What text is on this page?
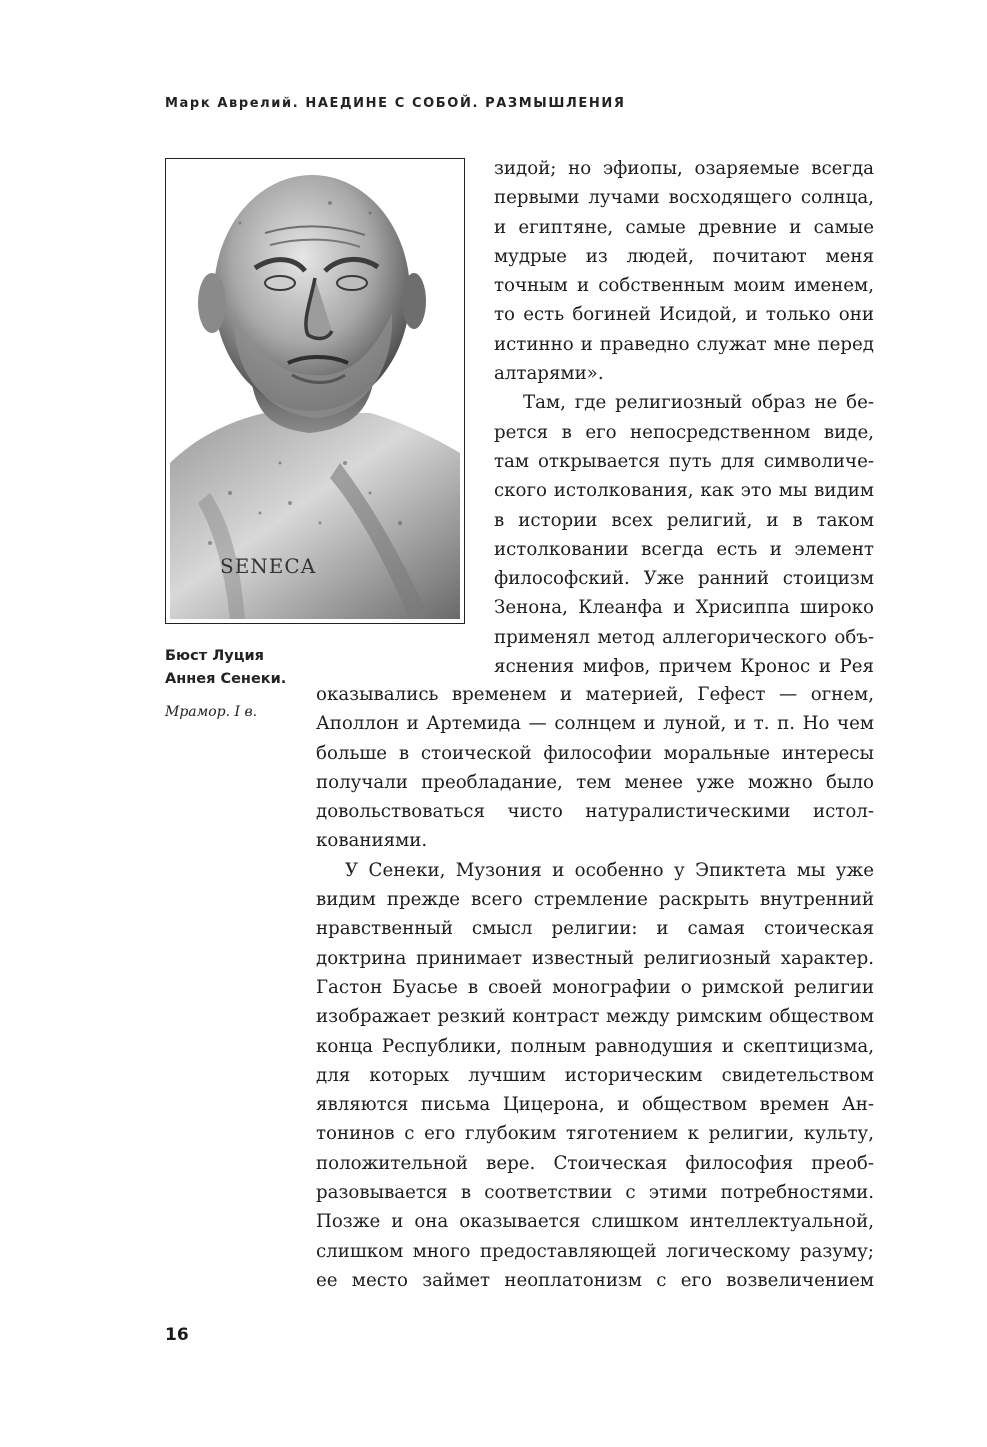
Марк Аврелий. НАЕДИНЕ С СОБОЙ. РАЗМЫШЛЕНИЯ
SENECA
Бюст Луция
Аннея Сенеки.
Мрамор. I в.
зидой; но эфиопы, озаряемые всегда
первыми лучами восходящего солнца,
и египтяне, самые древние и самые
мудрые из людей, почитают меня
точным и собственным моим именем,
то есть богиней Исидой, и только они
истинно и праведно служат мне перед
алтарями».
Там, где религиозный образ не бе-
рется в его непосредственном виде,
там открывается путь для символиче-
ского истолкования, как это мы видим
в истории всех религий, и в таком
истолковании всегда есть и элемент
философский. Уже ранний стоицизм
Зенона, Клеанфа и Хрисиппа широко
применял метод аллегорического объ-
яснения мифов, причем Кронос и Рея
оказывались временем и материей, Гефест — огнем,
Аполлон и Артемида — солнцем и луной, и т. п. Но чем
больше в стоической философии моральные интересы
получали преобладание, тем менее уже можно было
довольствоваться чисто натуралистическими истол-
кованиями.
У Сенеки, Музония и особенно у Эпиктета мы уже
видим прежде всего стремление раскрыть внутренний
нравственный смысл религии: и самая стоическая
доктрина принимает известный религиозный характер.
Гастон Буасье в своей монографии о римской религии
изображает резкий контраст между римским обществом
конца Республики, полным равнодушия и скептицизма,
для которых лучшим историческим свидетельством
являются письма Цицерона, и обществом времен Ан-
тонинов с его глубоким тяготением к религии, культу,
положительной вере. Стоическая философия преоб-
разовывается в соответствии с этими потребностями.
Позже и она оказывается слишком интеллектуальной,
слишком много предоставляющей логическому разуму;
ее место займет неоплатонизм с его возвеличением
16
